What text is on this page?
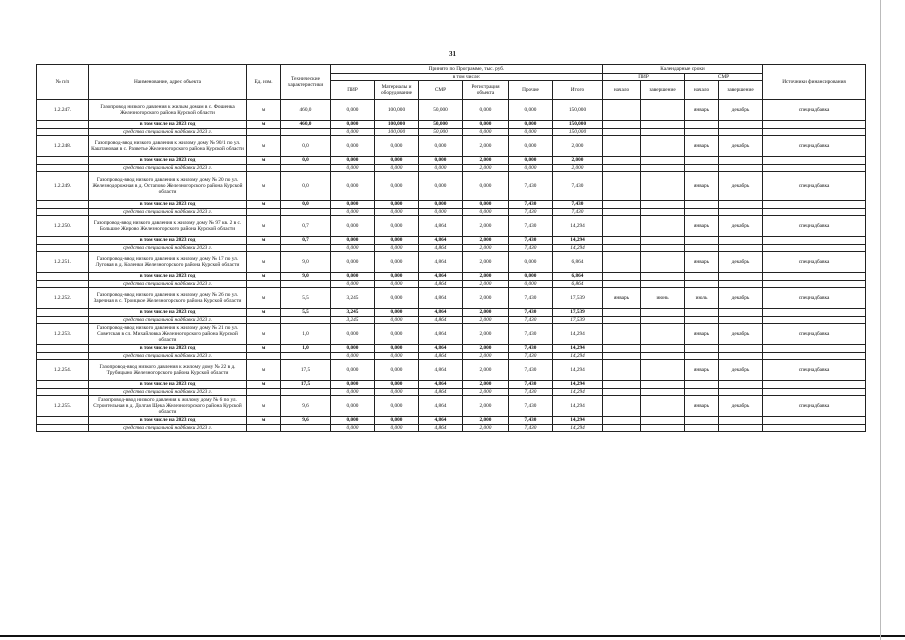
31
№ п/п	Наименование, адрес объекта	Ед. изм.	Технические характеристики	Принято по Программе, тыс. руб.						Календарные сроки				Источники финансирования
				в том числе:						ПИР		СМР		
				ПИР	Материалы и оборудование	СМР	Регистрация объекта	Прочие	Итого	начало	завершение	начало	завершение	
1.2.247.	Газопровод низкого давления к жилым домам в с. Фошенка Железногорского района Курской области	м	460,0	0,000	100,000	50,000	0,000	0,000	150,000			январь	декабрь	спецнадбавка
	в том числе на 2023 год	м	460,0	0,000	100,000	50,000	0,000	0,000	150,000					
	средства специальной надбавки 2023 г.			0,000	100,000	50,000	0,000	0,000	150,000					
1.2.248.	Газопровод-ввод низкого давления к жилому дому № 90/1 по ул. Каштановая в с. Разветье Железногорского района Курской области	м	0,0	0,000	0,000	0,000	2,000	0,000	2,000			январь	декабрь	спецнадбавка
	в том числе на 2023 год	м	0,0	0,000	0,000	0,000	2,000	0,000	2,000					
	средства специальной надбавки 2023 г.			0,000	0,000	0,000	2,000	0,000	2,000					
1.2.249.	Газопровод-ввод низкого давления к жилому дому № 20 по ул. Железнодорожная в д. Остапово Железногорского района Курской области	м	0,0	0,000	0,000	0,000	0,000	7,430	7,430			январь	декабрь	спецнадбавка
	в том числе на 2023 год	м	0,0	0,000	0,000	0,000	0,000	7,430	7,430					
	средства специальной надбавки 2023 г.			0,000	0,000	0,000	0,000	7,430	7,430					
1.2.250.	Газопровод-ввод низкого давления к жилому дому № 97 кв. 2 в с. Большое Жирово Железногорского района Курской области	м	0,7	0,000	0,000	4,864	2,000	7,430	14,294			январь	декабрь	спецнадбавка
	в том числе на 2023 год	м	0,7	0,000	0,000	4,864	2,000	7,430	14,294					
	средства специальной надбавки 2023 г.			0,000	0,000	4,864	2,000	7,430	14,294					
1.2.251.	Газопровод-ввод низкого давления к жилому дому № 17 по ул. Луговая в д. Коленки Железногорского района Курской области	м	9,0	0,000	0,000	4,864	2,000	0,000	6,864			январь	декабрь	спецнадбавка
	в том числе на 2023 год	м	9,0	0,000	0,000	4,864	2,000	0,000	6,864					
	средства специальной надбавки 2023 г.			0,000	0,000	4,864	2,000	0,000	6,864					
1.2.252.	Газопровод-ввод низкого давления к жилому дому № 26 по ул. Заречная в с. Троицкое Железногорского района Курской области	м	5,5	3,245	0,000	4,864	2,000	7,430	17,539	январь	июнь	июль	декабрь	спецнадбавка
	в том числе на 2023 год	м	5,5	3,245	0,000	4,864	2,000	7,430	17,539					
	средства специальной надбавки 2023 г.			3,245	0,000	4,864	2,000	7,430	17,539					
1.2.253.	Газопровод-ввод низкого давления к жилому дому № 21 по ул. Советская в сл. Михайловка Железногорского района Курской области	м	1,0	0,000	0,000	4,864	2,000	7,430	14,294			январь	декабрь	спецнадбавка
	в том числе на 2023 год	м	1,0	0,000	0,000	4,864	2,000	7,430	14,294					
	средства специальной надбавки 2023 г.			0,000	0,000	4,864	2,000	7,430	14,294					
1.2.254.	Газопровод-ввод низкого давления к жилому дому № 22 в д. Трубицыно Железногорского района Курской области	м	17,5	0,000	0,000	4,864	2,000	7,430	14,294			январь	декабрь	спецнадбавка
	в том числе на 2023 год	м	17,5	0,000	0,000	4,864	2,000	7,430	14,294					
	средства специальной надбавки 2023 г.			0,000	0,000	4,864	2,000	7,430	14,294					
1.2.255.	Газопровод-ввод низкого давления к жилому дому № 6 по ул. Строительная в д. Долгая Щека Железногорского района Курской области	м	9,6	0,000	0,000	4,864	2,000	7,430	14,294			январь	декабрь	спецнадбавка
	в том числе на 2023 год	м	9,6	0,000	0,000	4,864	2,000	7,430	14,294					
	средства специальной надбавки 2023 г.			0,000	0,000	4,864	2,000	7,430	14,294					
